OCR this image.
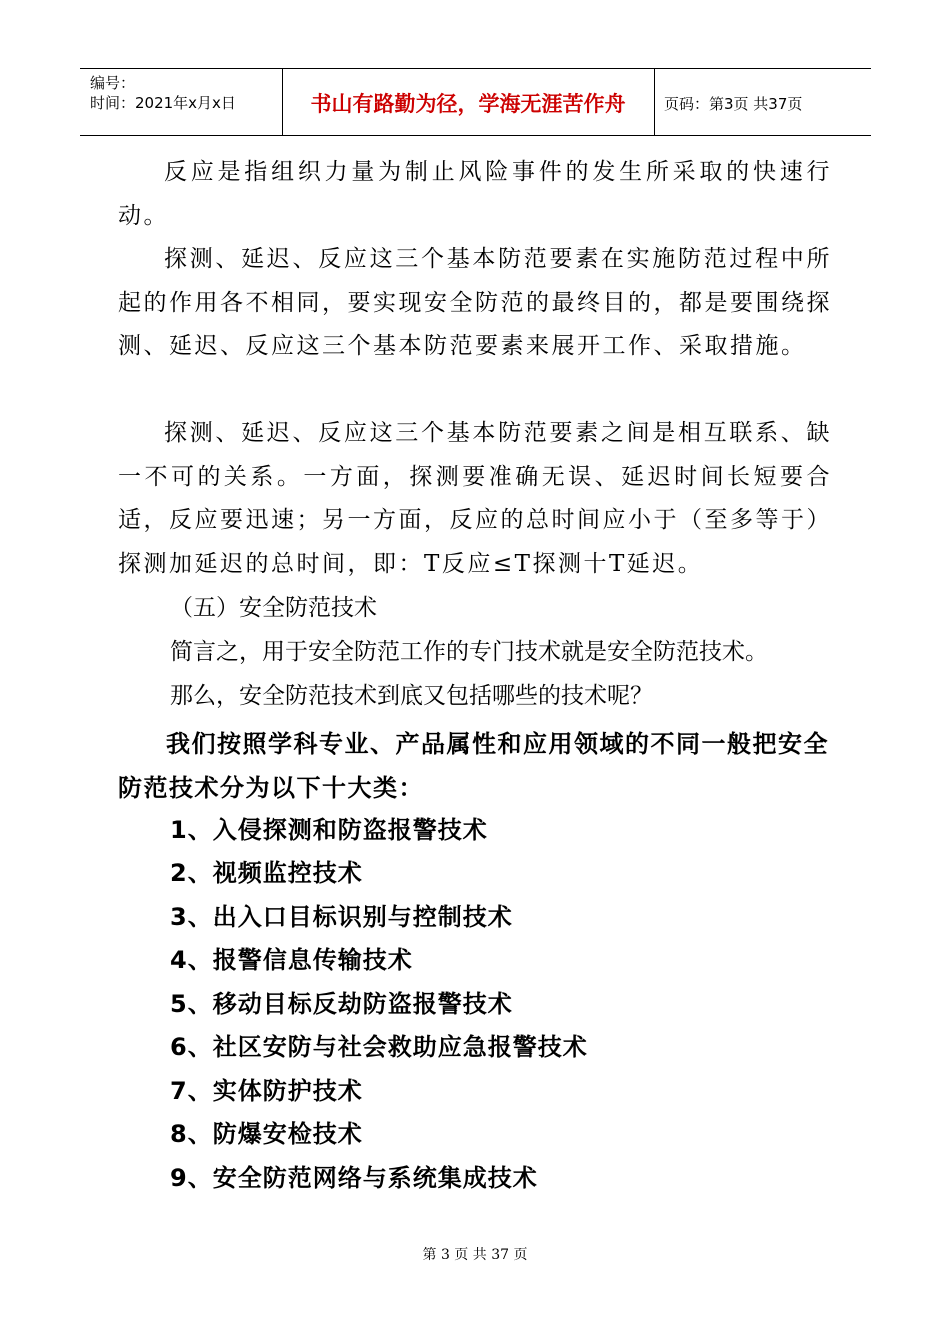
编号：
时间：2021年x月x日	书山有路勤为径，学海无涯苦作舟	页码：第3页 共37页

反应是指组织力量为制止风险事件的发生所采取的快速行动。

探测、延迟、反应这三个基本防范要素在实施防范过程中所起的作用各不相同，要实现安全防范的最终目的，都是要围绕探测、延迟、反应这三个基本防范要素来展开工作、采取措施。

探测、延迟、反应这三个基本防范要素之间是相互联系、缺一不可的关系。一方面，探测要准确无误、延迟时间长短要合适，反应要迅速；另一方面，反应的总时间应小于（至多等于）探测加延迟的总时间，即：T反应≤T探测十T延迟。

（五）安全防范技术

简言之，用于安全防范工作的专门技术就是安全防范技术。

那么，安全防范技术到底又包括哪些的技术呢？

我们按照学科专业、产品属性和应用领域的不同一般把安全防范技术分为以下十大类：

1、入侵探测和防盗报警技术

2、视频监控技术

3、出入口目标识别与控制技术

4、报警信息传输技术

5、移动目标反劫防盗报警技术

6、社区安防与社会救助应急报警技术

7、实体防护技术

8、防爆安检技术

9、安全防范网络与系统集成技术

第 3 页 共 37 页
